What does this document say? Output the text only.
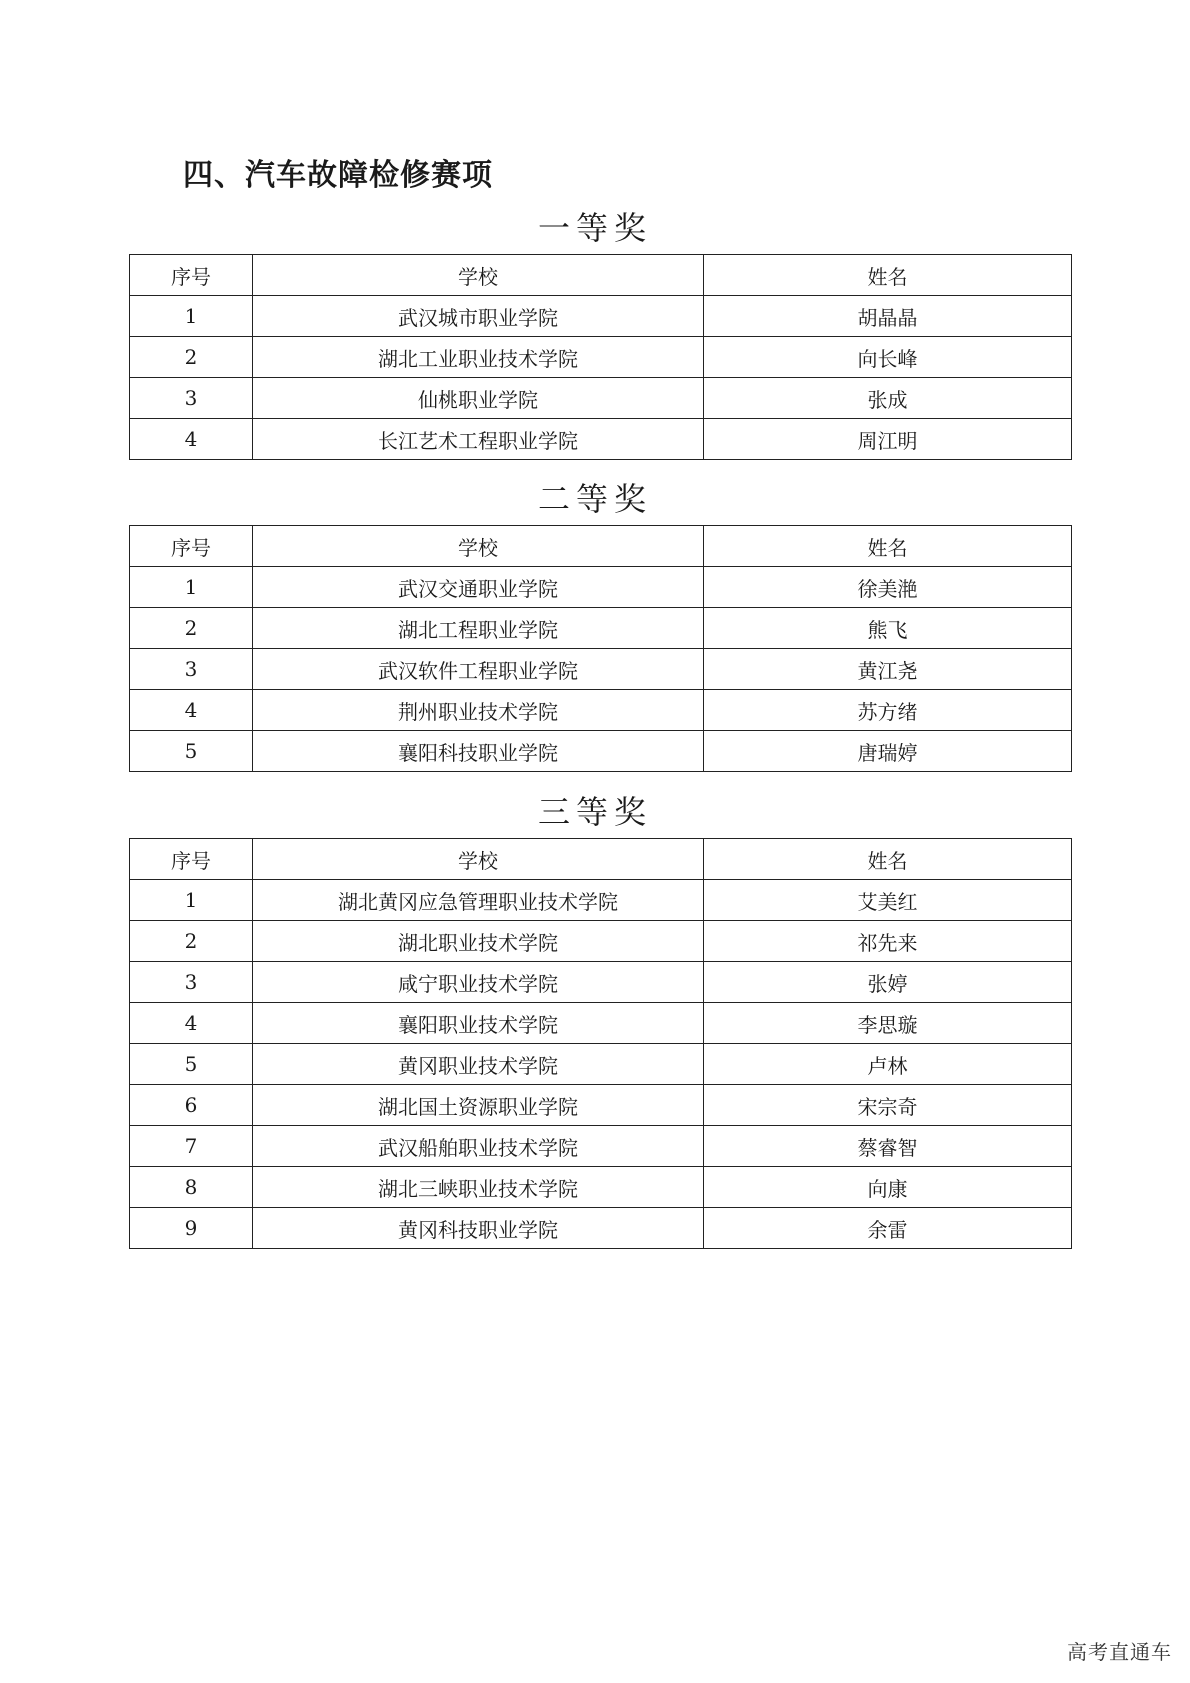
四、汽车故障检修赛项
一等奖
序号	学校	姓名
1	武汉城市职业学院	胡晶晶
2	湖北工业职业技术学院	向长峰
3	仙桃职业学院	张成
4	长江艺术工程职业学院	周江明
二等奖
序号	学校	姓名
1	武汉交通职业学院	徐美滟
2	湖北工程职业学院	熊飞
3	武汉软件工程职业学院	黄江尧
4	荆州职业技术学院	苏方绪
5	襄阳科技职业学院	唐瑞婷
三等奖
序号	学校	姓名
1	湖北黄冈应急管理职业技术学院	艾美红
2	湖北职业技术学院	祁先来
3	咸宁职业技术学院	张婷
4	襄阳职业技术学院	李思璇
5	黄冈职业技术学院	卢林
6	湖北国土资源职业学院	宋宗奇
7	武汉船舶职业技术学院	蔡睿智
8	湖北三峡职业技术学院	向康
9	黄冈科技职业学院	余雷
高考直通车
